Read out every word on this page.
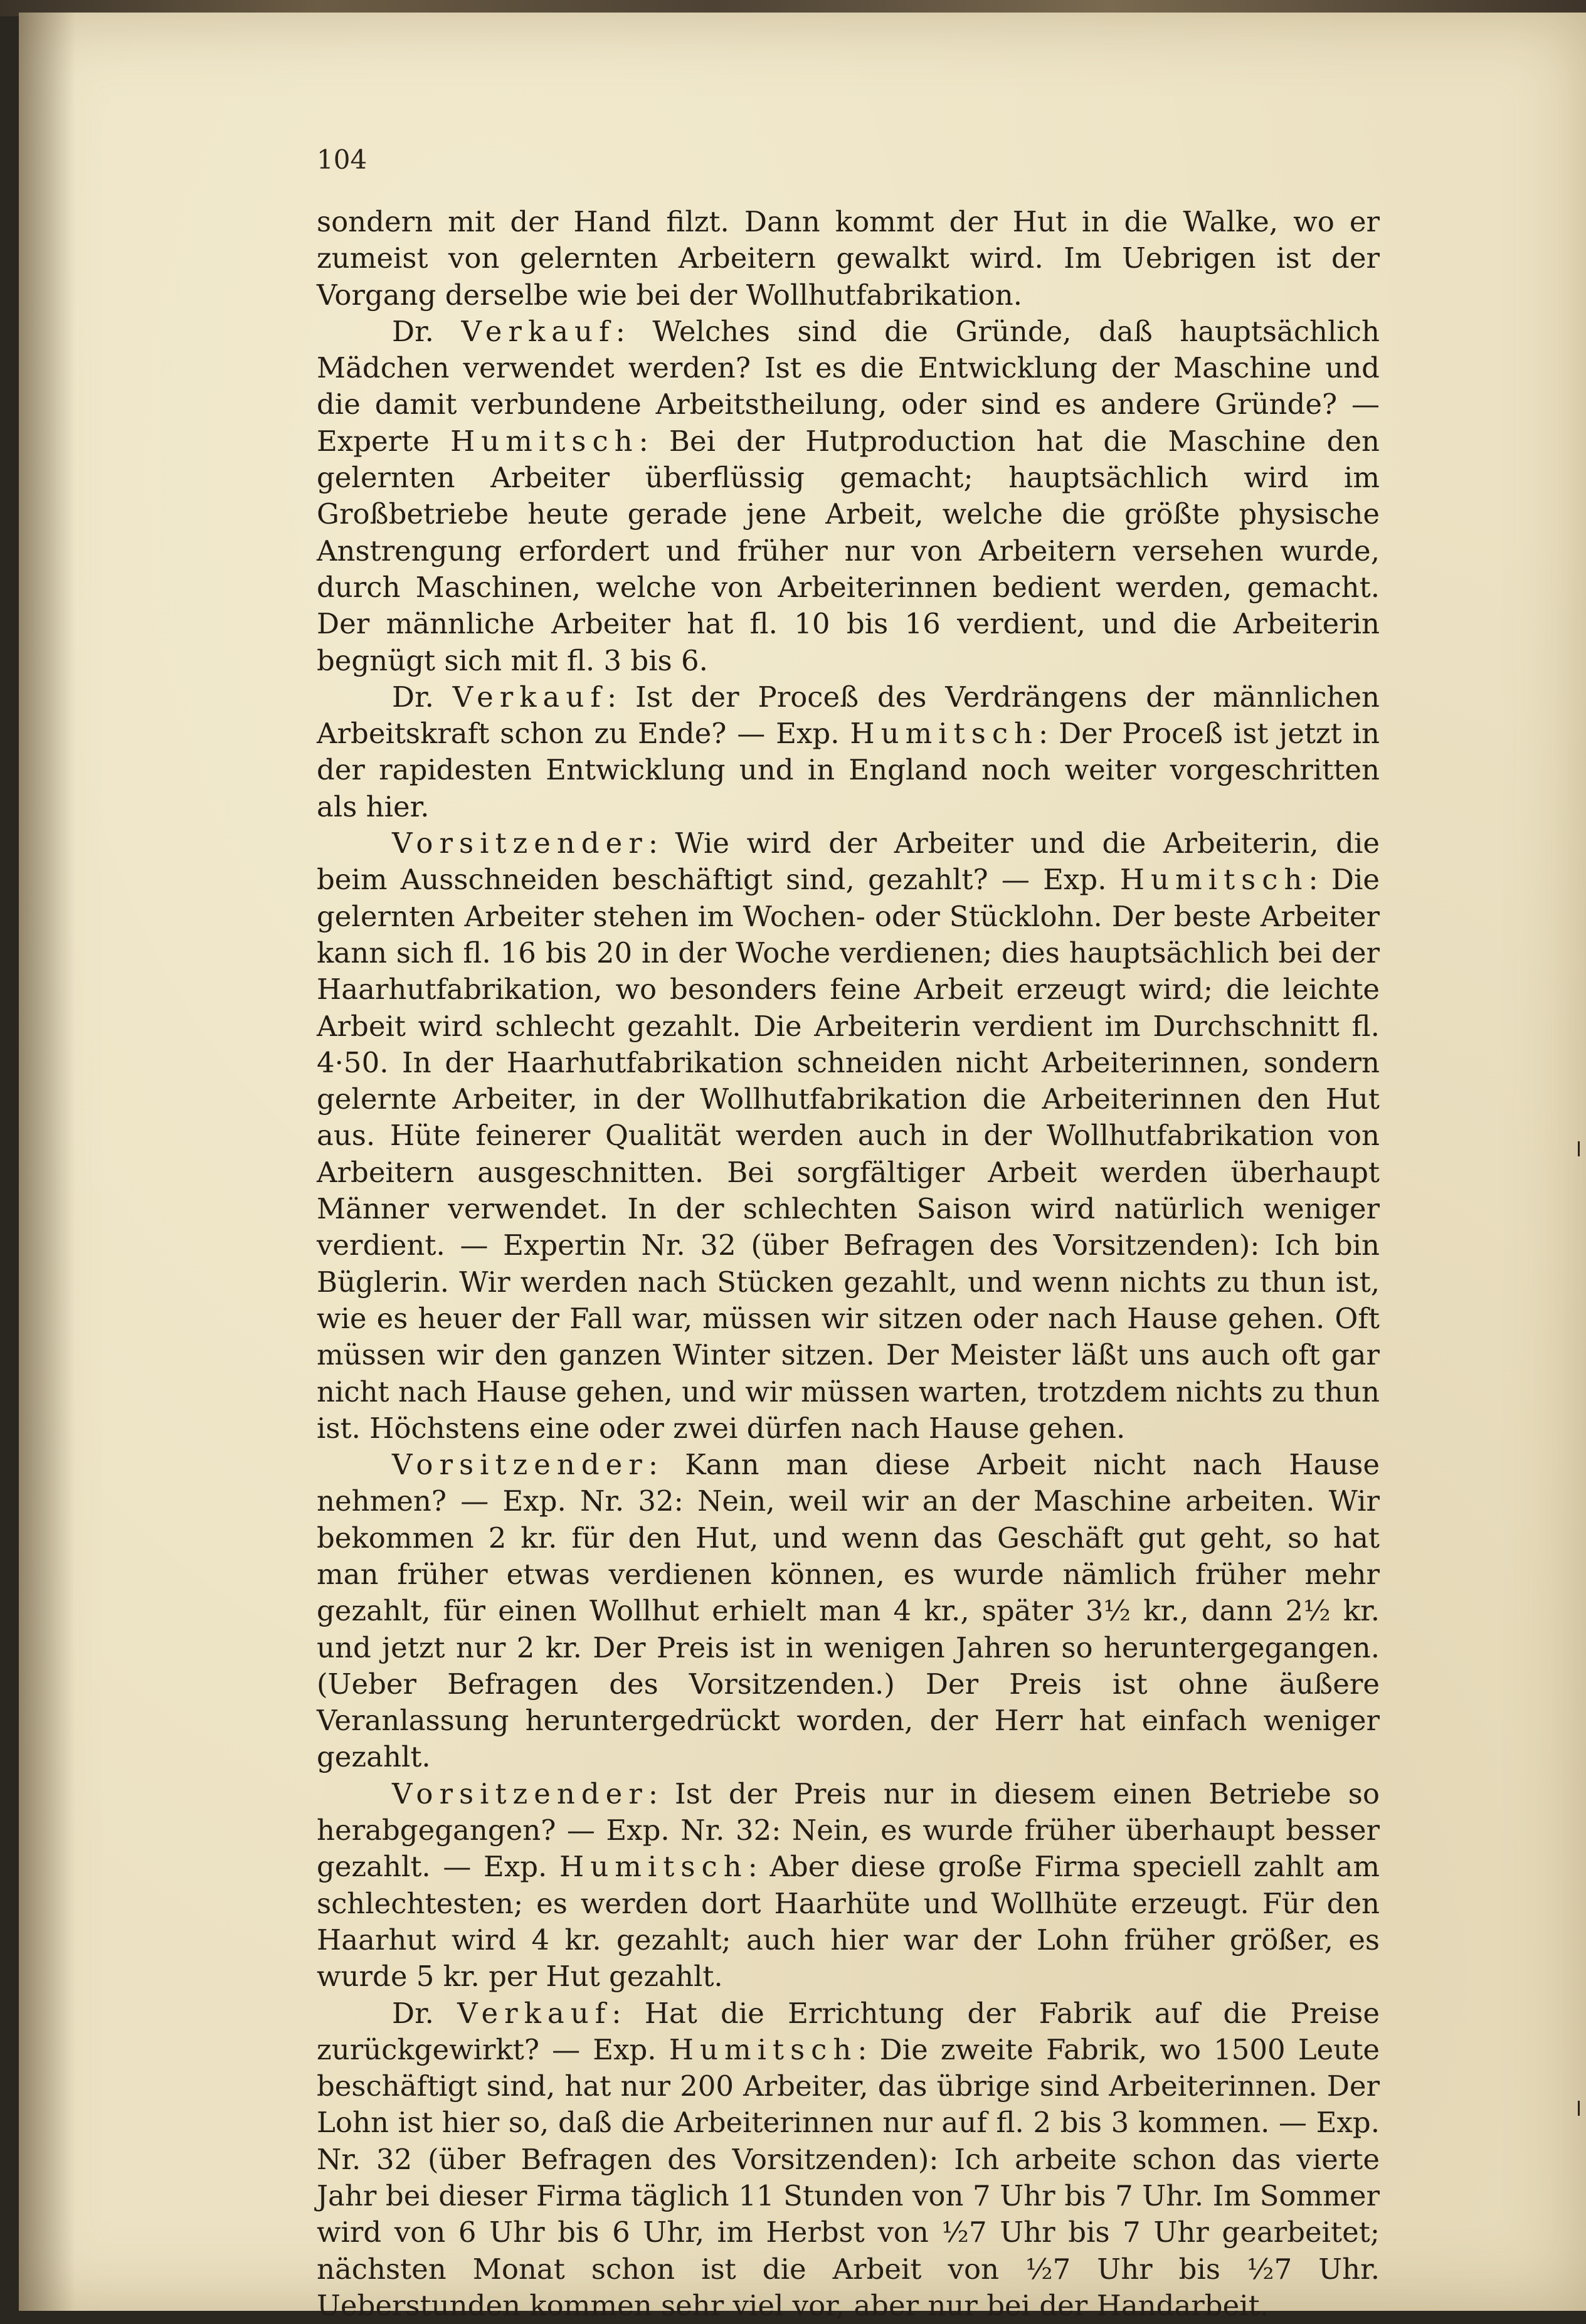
104

sondern mit der Hand filzt. Dann kommt der Hut in die Walke, wo er zumeist von gelernten Arbeitern gewalkt wird. Im Uebrigen ist der Vorgang derselbe wie bei der Wollhutfabrikation.

Dr. Verkauf: Welches sind die Gründe, daß hauptsächlich Mädchen verwendet werden? Ist es die Entwicklung der Maschine und die damit verbundene Arbeitstheilung, oder sind es andere Gründe? — Experte Humitsch: Bei der Hutproduction hat die Maschine den gelernten Arbeiter überflüssig gemacht; hauptsächlich wird im Großbetriebe heute gerade jene Arbeit, welche die größte physische Anstrengung erfordert und früher nur von Arbeitern versehen wurde, durch Maschinen, welche von Arbeiterinnen bedient werden, gemacht. Der männliche Arbeiter hat fl. 10 bis 16 verdient, und die Arbeiterin begnügt sich mit fl. 3 bis 6.

Dr. Verkauf: Ist der Proceß des Verdrängens der männlichen Arbeitskraft schon zu Ende? — Exp. Humitsch: Der Proceß ist jetzt in der rapidesten Entwicklung und in England noch weiter vorgeschritten als hier.

Vorsitzender: Wie wird der Arbeiter und die Arbeiterin, die beim Ausschneiden beschäftigt sind, gezahlt? — Exp. Humitsch: Die gelernten Arbeiter stehen im Wochen- oder Stücklohn. Der beste Arbeiter kann sich fl. 16 bis 20 in der Woche verdienen; dies hauptsächlich bei der Haarhutfabrikation, wo besonders feine Arbeit erzeugt wird; die leichte Arbeit wird schlecht gezahlt. Die Arbeiterin verdient im Durchschnitt fl. 4·50. In der Haarhutfabrikation schneiden nicht Arbeiterinnen, sondern gelernte Arbeiter, in der Wollhutfabrikation die Arbeiterinnen den Hut aus. Hüte feinerer Qualität werden auch in der Wollhutfabrikation von Arbeitern ausgeschnitten. Bei sorgfältiger Arbeit werden überhaupt Männer verwendet. In der schlechten Saison wird natürlich weniger verdient. — Expertin Nr. 32 (über Befragen des Vorsitzenden): Ich bin Büglerin. Wir werden nach Stücken gezahlt, und wenn nichts zu thun ist, wie es heuer der Fall war, müssen wir sitzen oder nach Hause gehen. Oft müssen wir den ganzen Winter sitzen. Der Meister läßt uns auch oft gar nicht nach Hause gehen, und wir müssen warten, trotzdem nichts zu thun ist. Höchstens eine oder zwei dürfen nach Hause gehen.

Vorsitzender: Kann man diese Arbeit nicht nach Hause nehmen? — Exp. Nr. 32: Nein, weil wir an der Maschine arbeiten. Wir bekommen 2 kr. für den Hut, und wenn das Geschäft gut geht, so hat man früher etwas verdienen können, es wurde nämlich früher mehr gezahlt, für einen Wollhut erhielt man 4 kr., später 3½ kr., dann 2½ kr. und jetzt nur 2 kr. Der Preis ist in wenigen Jahren so heruntergegangen. (Ueber Befragen des Vorsitzenden.) Der Preis ist ohne äußere Veranlassung heruntergedrückt worden, der Herr hat einfach weniger gezahlt.

Vorsitzender: Ist der Preis nur in diesem einen Betriebe so herabgegangen? — Exp. Nr. 32: Nein, es wurde früher überhaupt besser gezahlt. — Exp. Humitsch: Aber diese große Firma speciell zahlt am schlechtesten; es werden dort Haarhüte und Wollhüte erzeugt. Für den Haarhut wird 4 kr. gezahlt; auch hier war der Lohn früher größer, es wurde 5 kr. per Hut gezahlt.

Dr. Verkauf: Hat die Errichtung der Fabrik auf die Preise zurückgewirkt? — Exp. Humitsch: Die zweite Fabrik, wo 1500 Leute beschäftigt sind, hat nur 200 Arbeiter, das übrige sind Arbeiterinnen. Der Lohn ist hier so, daß die Arbeiterinnen nur auf fl. 2 bis 3 kommen. — Exp. Nr. 32 (über Befragen des Vorsitzenden): Ich arbeite schon das vierte Jahr bei dieser Firma täglich 11 Stunden von 7 Uhr bis 7 Uhr. Im Sommer wird von 6 Uhr bis 6 Uhr, im Herbst von ½7 Uhr bis 7 Uhr gearbeitet; nächsten Monat schon ist die Arbeit von ½7 Uhr bis ½7 Uhr. Ueberstunden kommen sehr viel vor, aber nur bei der Handarbeit.
